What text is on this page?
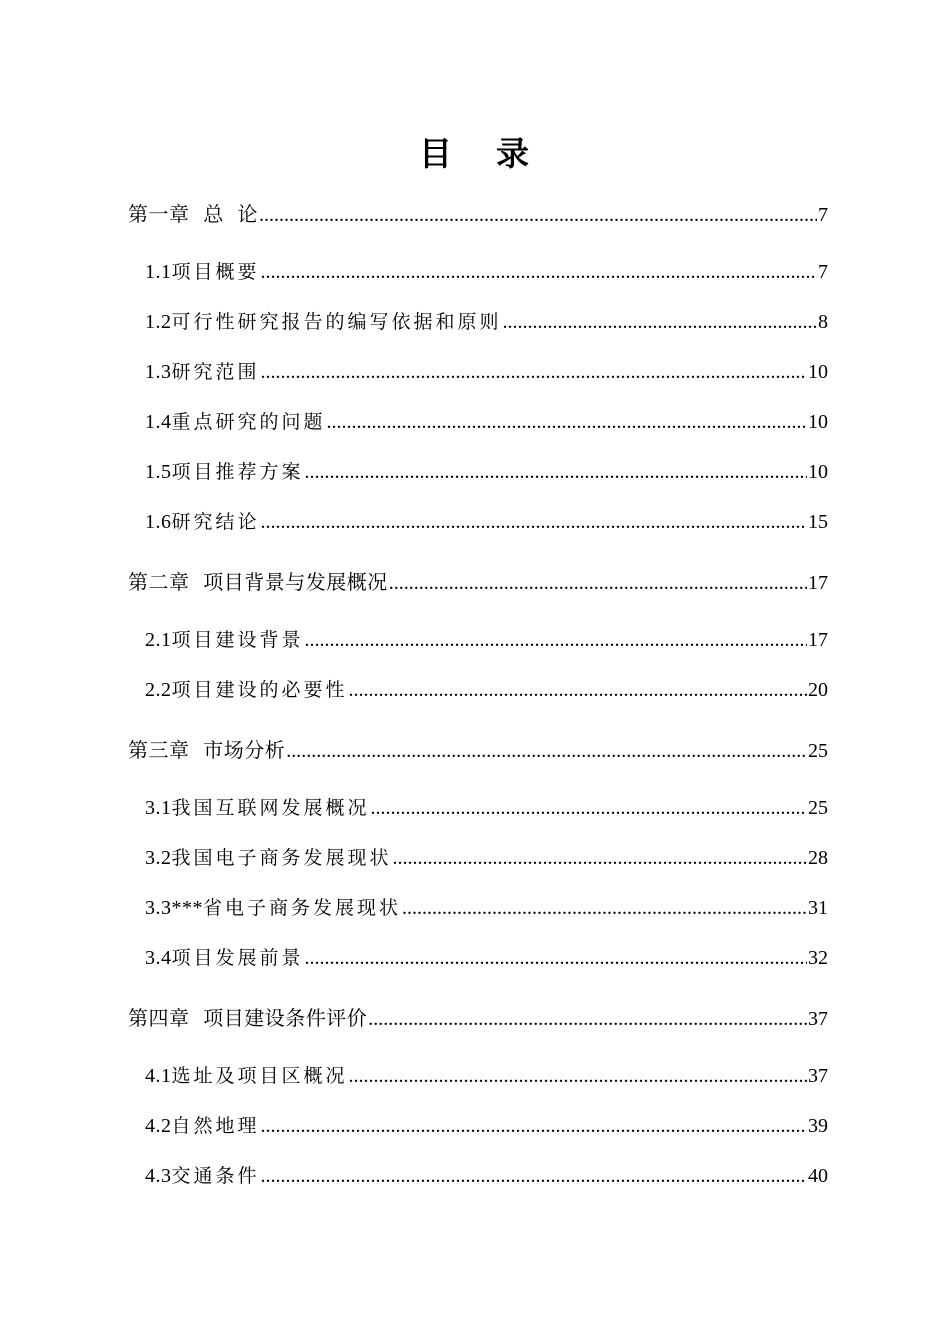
目 录
第一章  总  论 .....	7
1.1项目概要 .....	7
1.2可行性研究报告的编写依据和原则 .....	8
1.3研究范围 .....	10
1.4重点研究的问题 .....	10
1.5项目推荐方案 .....	10
1.6研究结论 .....	15
第二章  项目背景与发展概况 .....	17
2.1项目建设背景 .....	17
2.2项目建设的必要性 .....	20
第三章  市场分析 .....	25
3.1我国互联网发展概况 .....	25
3.2我国电子商务发展现状 .....	28
3.3***省电子商务发展现状 .....	31
3.4项目发展前景 .....	32
第四章  项目建设条件评价 .....	37
4.1选址及项目区概况 .....	37
4.2自然地理 .....	39
4.3交通条件 .....	40
